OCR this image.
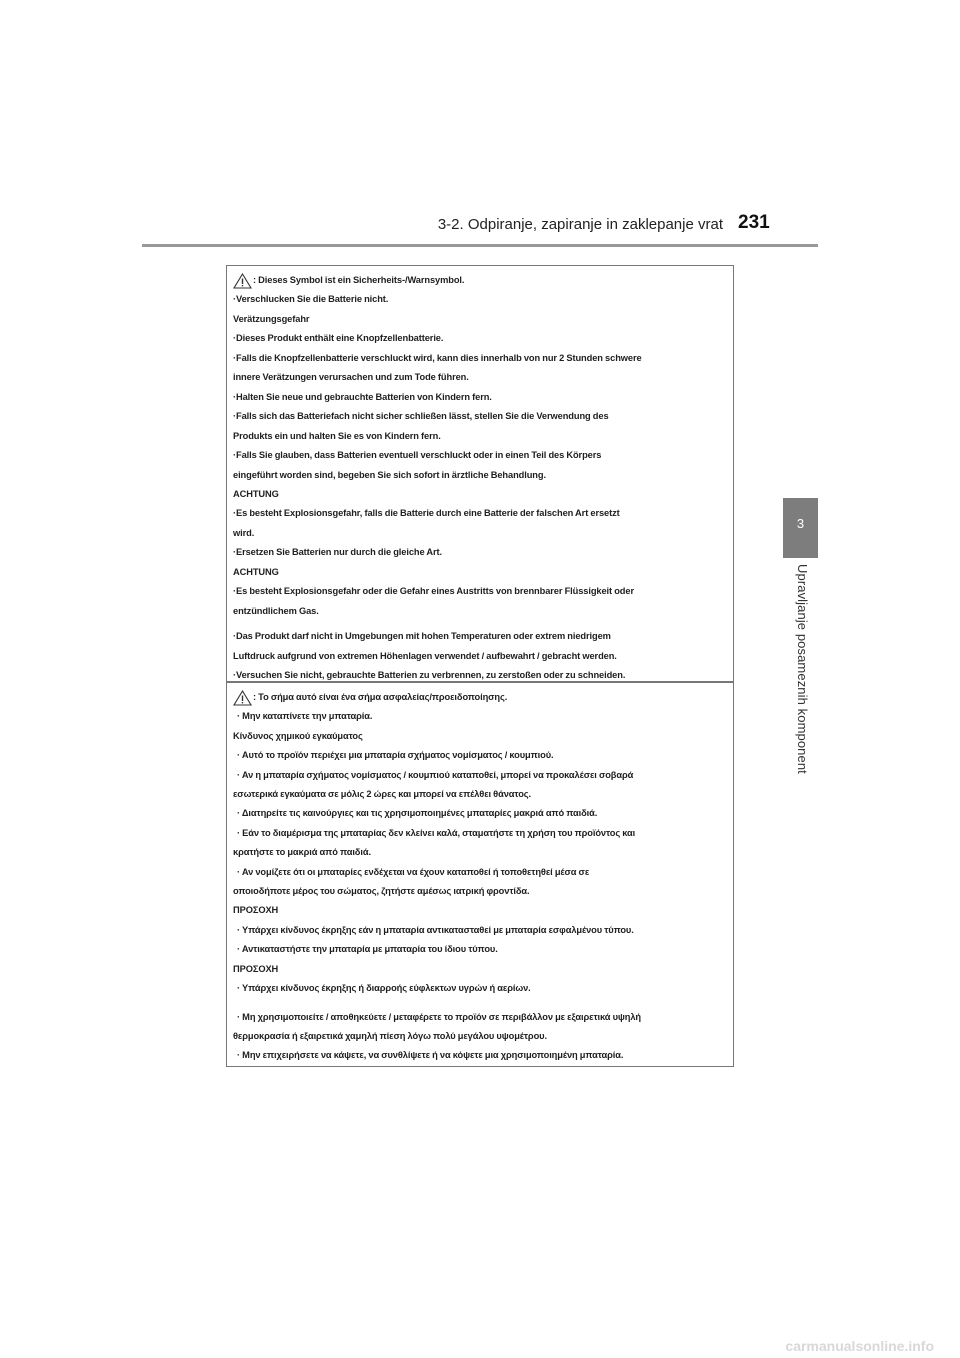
3-2. Odpiranje, zapiranje in zaklepanje vrat 231
3
Upravljanje posameznih komponent

: Dieses Symbol ist ein Sicherheits-/Warnsymbol.

·Verschlucken Sie die Batterie nicht.

Verätzungsgefahr

·Dieses Produkt enthält eine Knopfzellenbatterie.

·Falls die Knopfzellenbatterie verschluckt wird, kann dies innerhalb von nur 2 Stunden schwere

innere Verätzungen verursachen und zum Tode führen.

·Halten Sie neue und gebrauchte Batterien von Kindern fern.

·Falls sich das Batteriefach nicht sicher schließen lässt, stellen Sie die Verwendung des

Produkts ein und halten Sie es von Kindern fern.

·Falls Sie glauben, dass Batterien eventuell verschluckt oder in einen Teil des Körpers

eingeführt worden sind, begeben Sie sich sofort in ärztliche Behandlung.

ACHTUNG

·Es besteht Explosionsgefahr, falls die Batterie durch eine Batterie der falschen Art ersetzt

wird.

·Ersetzen Sie Batterien nur durch die gleiche Art.

ACHTUNG

·Es besteht Explosionsgefahr oder die Gefahr eines Austritts von brennbarer Flüssigkeit oder

entzündlichem Gas.

·Das Produkt darf nicht in Umgebungen mit hohen Temperaturen oder extrem niedrigem

Luftdruck aufgrund von extremen Höhenlagen verwendet / aufbewahrt / gebracht werden.

·Versuchen Sie nicht, gebrauchte Batterien zu verbrennen, zu zerstoßen oder zu schneiden.

: Το σήμα αυτό είναι ένα σήμα ασφαλείας/προειδοποίησης.

· Μην καταπίνετε την μπαταρία.

Κίνδυνος χημικού εγκαύματος

· Αυτό το προϊόν περιέχει μια μπαταρία σχήματος νομίσματος / κουμπιού.

· Αν η μπαταρία σχήματος νομίσματος / κουμπιού καταποθεί, μπορεί να προκαλέσει σοβαρά

εσωτερικά εγκαύματα σε μόλις 2 ώρες και μπορεί να επέλθει θάνατος.

· Διατηρείτε τις καινούργιες και τις χρησιμοποιημένες μπαταρίες μακριά από παιδιά.

· Εάν το διαμέρισμα της μπαταρίας δεν κλείνει καλά, σταματήστε τη χρήση του προϊόντος και

κρατήστε το μακριά από παιδιά.

· Αν νομίζετε ότι οι μπαταρίες ενδέχεται να έχουν καταποθεί ή τοποθετηθεί μέσα σε

οποιοδήποτε μέρος του σώματος, ζητήστε αμέσως ιατρική φροντίδα.

ΠΡΟΣΟΧΗ

· Υπάρχει κίνδυνος έκρηξης εάν η μπαταρία αντικατασταθεί με μπαταρία εσφαλμένου τύπου.

· Αντικαταστήστε την μπαταρία με μπαταρία του ίδιου τύπου.

ΠΡΟΣΟΧΗ

· Υπάρχει κίνδυνος έκρηξης ή διαρροής εύφλεκτων υγρών ή αερίων.

· Μη χρησιμοποιείτε / αποθηκεύετε / μεταφέρετε το προϊόν σε περιβάλλον με εξαιρετικά υψηλή

θερμοκρασία ή εξαιρετικά χαμηλή πίεση λόγω πολύ μεγάλου υψομέτρου.

· Μην επιχειρήσετε να κάψετε, να συνθλίψετε ή να κόψετε μια χρησιμοποιημένη μπαταρία.

carmanualsonline.info
